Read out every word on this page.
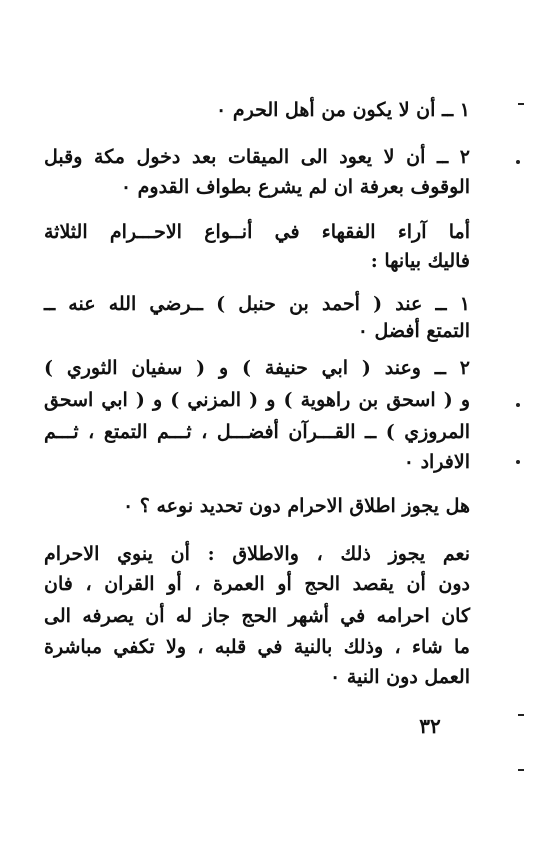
١ ــ أن لا يكون من أهل الحرم ٠
٢ ــ أن لا يعود الى الميقات بعد دخول مكة وقبل
الوقوف بعرفة ان لم يشرع بطواف القدوم ٠
أما آراء الفقهاء في أنــواع الاحـــرام الثلاثة
فاليك بيانها :
١ ــ عند ( أحمد بن حنبل ) ــرضي الله عنه ــ
التمتع أفضل ٠
٢ ــ وعند ( ابي حنيفة ) و ( سفيان الثوري )
و ( اسحق بن راهوية ) و ( المزني ) و ( ابي اسحق
المروزي ) ــ القـــرآن أفضـــل ، ثـــم التمتع ، ثـــم
الافراد ٠
هل يجوز اطلاق الاحرام دون تحديد نوعه ؟ ٠
نعم يجوز ذلك ، والاطلاق : أن ينوي الاحرام
دون أن يقصد الحج أو العمرة ، أو القران ، فان
كان احرامه في أشهر الحج جاز له أن يصرفه الى
ما شاء ، وذلك بالنية في قلبه ، ولا تكفي مباشرة
العمل دون النية ٠
٣٢
